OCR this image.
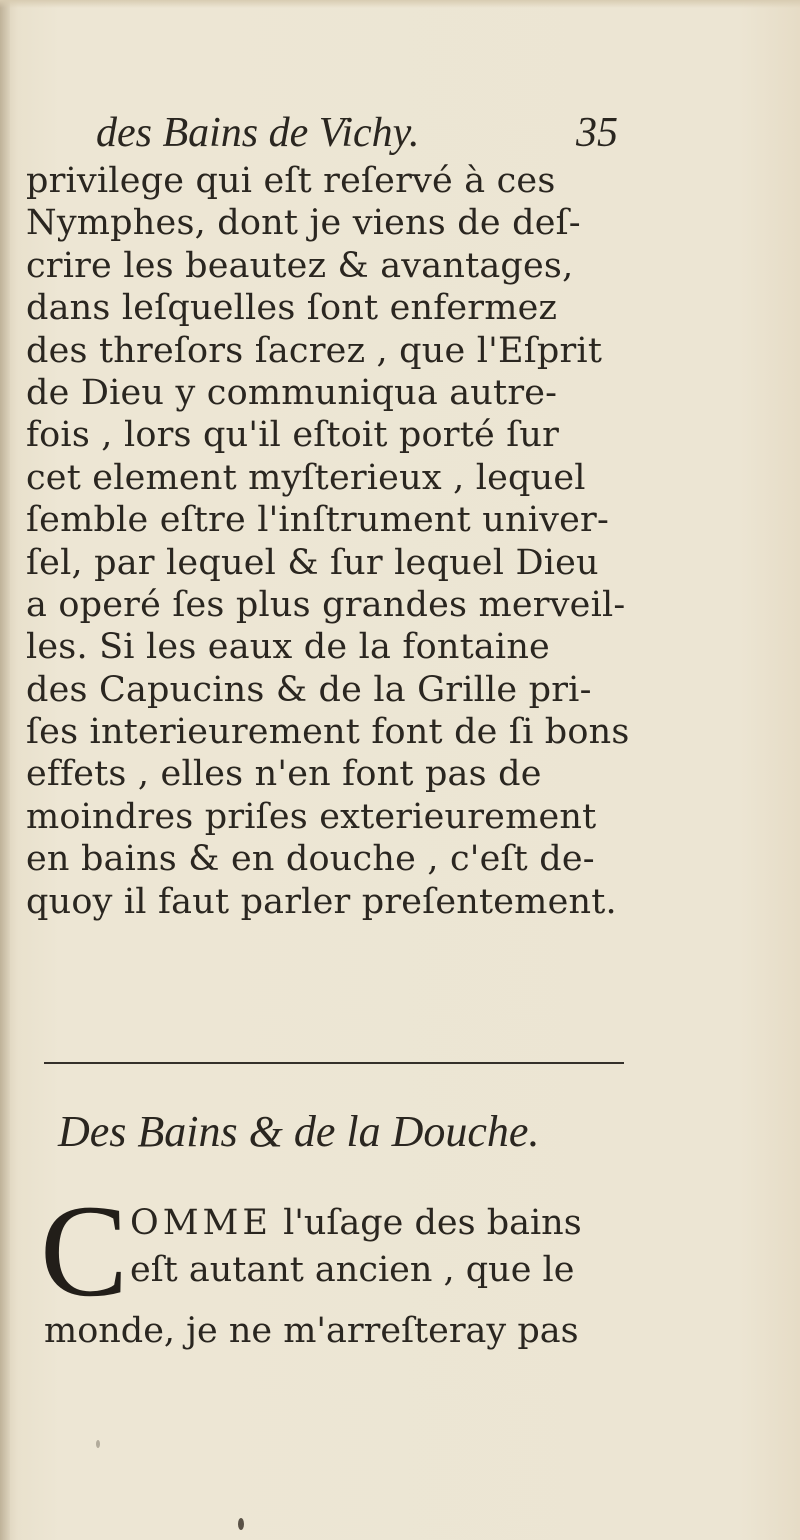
des Bains de Vichy.	35
privilege qui eſt reſervé à ces
Nymphes, dont je viens de deſ-
crire les beautez & avantages,
dans leſquelles ſont enfermez
des threſors ſacrez , que l'Eſprit
de Dieu y communiqua autre-
fois , lors qu'il eſtoit porté ſur
cet element myſterieux , lequel
ſemble eſtre l'inſtrument univer-
ſel, par lequel & ſur lequel Dieu
a operé ſes plus grandes merveil-
les. Si les eaux de la fontaine
des Capucins & de la Grille pri-
ſes interieurement font de ſi bons
effets , elles n'en font pas de
moindres priſes exterieurement
en bains & en douche , c'eſt de-
quoy il faut parler preſentement.
Des Bains & de la Douche.
C OMME l'uſage des bains
eſt autant ancien , que le
monde, je ne m'arreſteray pas
